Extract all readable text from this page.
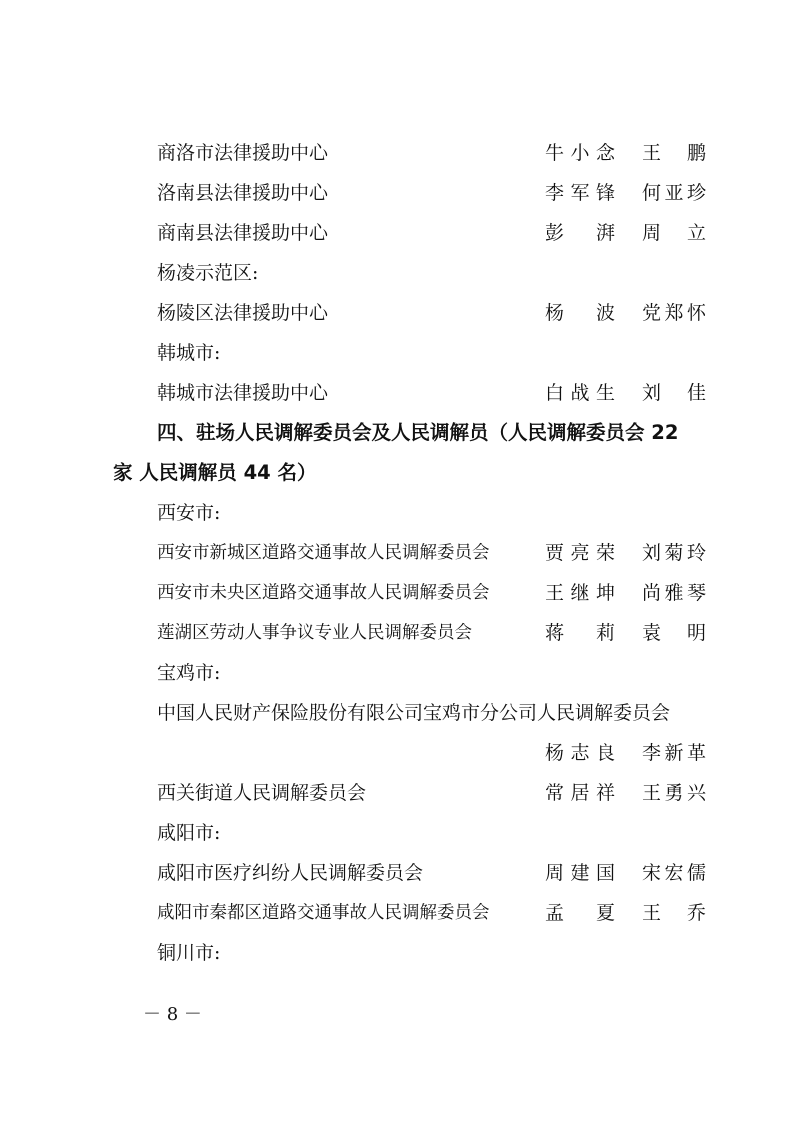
商洛市法律援助中心	牛小念 王　鹏
洛南县法律援助中心	李军锋 何亚珍
商南县法律援助中心	彭　湃 周　立
杨凌示范区:
杨陵区法律援助中心	杨　波 党郑怀
韩城市:
韩城市法律援助中心	白战生 刘　佳
四、驻场人民调解委员会及人民调解员（人民调解委员会 22
家 人民调解员 44 名）
西安市:
西安市新城区道路交通事故人民调解委员会	贾亮荣 刘菊玲
西安市未央区道路交通事故人民调解委员会	王继坤 尚雅琴
莲湖区劳动人事争议专业人民调解委员会	蒋　莉 袁　明
宝鸡市:
中国人民财产保险股份有限公司宝鸡市分公司人民调解委员会
杨志良 李新革
西关街道人民调解委员会	常居祥 王勇兴
咸阳市:
咸阳市医疗纠纷人民调解委员会	周建国 宋宏儒
咸阳市秦都区道路交通事故人民调解委员会	孟　夏 王　乔
铜川市:
－ 8 －
